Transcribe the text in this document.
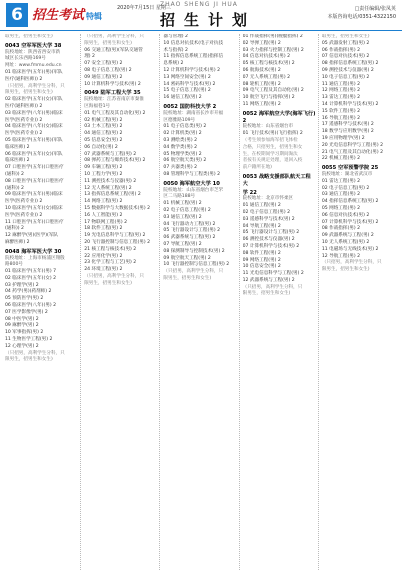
6 招生考试 特辑
2020年7月15日 星期三
ZHAO SHENG JI HUA
招生计划
□责任编辑/张凤英
本版咨询电话/0351-4322150
取男生，招男生和女生)
0043 空军军医大学 38
院校地址：陕西省西安市新
城区长乐西路169号
网址：www.fmmu.edu.cn
01 临床医学(五年)(男)(军队
医疗(通科医师)) 2
（只招男，高利学生分科，只
限男生，招男生和女生)
02 临床医学(五年)(女)(军队
医疗(通科医师)) 2
03 临床医学(八年)(男)(临床
医学(医药专业)) 2
04 临床医学(八年)(女)(临床
医学(医药专业)) 2
05 临床医学(五年)(男)(军队
临床医师) 2
06 临床医学(五年)(女)(军队
临床医师) 2
07 口腔医学(五年)(口腔医疗
(通科)) 2
08 口腔医学(五年)(口腔医疗
(通科)) 2
09 临床医学(五年)(男)(临床
医学(医药专业)) 2
10 临床医学(五年)(女)(临床
医学(医药专业)) 2
11 口腔医学(五年)(口腔医疗
(通科)) 2
12 麻醉学(男)(医学)(军队
麻醉医师) 2
0048 海军军医大学 30
院校地址：上海市杨浦区翔殷
路800号
01 临床医学(五年)(男) 7
02 临床医学(五年)(女) 2
03 护理学(男) 2
04 药学(男)(药剂师) 2
05 预防医学(男) 2
06 临床医学(八年)(男) 2
07 医学影像学(男) 2
08 中医学(男) 2
09 麻醉学(男) 2
10 军事指挥(男) 2
11 生物医学工程(男) 2
12 心理学(男) 2
（只招男，高利学生分科，只
限男生，招男生和女生)
（只招男，高利学生分科，只
限男生，招男生和女生)
06 交通工程(男)(军队交通管
理) 2
07 安全工程(男) 2
08 电子信息工程(男) 2
09 通信工程(男) 2
10 计算机科学与技术(男) 2
0049 陆军工程大学 35
院校地址：江苏省南京市秦淮
区海福巷1号
01 电气工程及其自动化(男) 2
02 机械工程(男) 2
03 土木工程(男) 2
04 通信工程(男) 2
05 信息安全(男) 2
06 自动化(男) 2
07 武器系统与工程(男) 2
08 弹药工程与爆炸技术(男) 2
09 车辆工程(男) 2
10 工程力学(男) 2
11 测控技术与仪器(男) 2
12 无人系统工程(男) 2
13 指挥信息系统工程(男) 2
14 网络工程(男) 2
15 数据科学与大数据技术(男) 2
16 人工智能(男) 2
17 物联网工程(男) 2
18 软件工程(男) 2
19 光电信息科学与工程(男) 2
20 飞行器控制与信息工程(男) 2
21 核工程与核技术(男) 2
22 应用化学(男) 2
23 化学工程与工艺(男) 2
24 环境工程(男) 2
（只招男，高利学生分科，只
限男生，招男生和女生)
器与管理) 2
10 信息对抗技术(电子对抗技
术与指挥) 2
11 指挥信息系统工程(指挥信
息系统) 2
12 计算机科学与技术(男) 2
13 网络空间安全(男) 2
14 密码科学与技术(男) 2
15 电子信息工程(男) 2
16 通信工程(男) 2
0052 国防科技大学 2
院校地址：湖南省长沙市开福
区德雅路109号
01 电子信息类(男) 2
02 计算机类(男) 2
03 测绘类(男) 2
04 数学类(男) 2
05 物理学类(男) 2
06 航空航天类(男) 2
07 兵器类(男) 2
08 管理科学与工程类(男) 2
0050 海军航空大学 10
院校地址：山东省烟台市芝罘
区二马路188号
01 机械工程(男) 2
02 电子信息工程(男) 2
03 通信工程(男) 2
04 飞行器动力工程(男) 2
05 飞行器设计与工程(男) 2
06 武器系统与工程(男) 2
07 导航工程(男) 2
08 探测制导与控制技术(男) 2
09 航空航天工程(男) 2
10 飞行器控制与信息工程(男) 2
（只招男，高利学生分科，只
限男生，招男生和女生)
01 作战指挥(男)(舰艇指挥) 2
02 导弹工程(男) 2
03 火力指挥与控制工程(男) 2
04 信息对抗技术(男) 2
05 核工程与核技术(男) 2
06 航海技术(男) 2
07 无人系统工程(男) 2
08 轮机工程(男) 2
09 电气工程及其自动化(男) 2
10 航空飞行与指挥(男) 2
11 网络工程(男) 2
0052 海军航空大学(海军飞行) 2
院校地址：山东省烟台市
01 飞行技术(男)(飞行指挥) 2
（考生须参加海军招飞体检
合格，只招男生，招男生和女
生，在校期间学习期间淘汰
者按有关规定处理，退回入校
前户籍所在地)
0053 战略支援部队航天工程大
学 22
院校地址：北京市怀柔区
01 通信工程(男) 2
02 电子信息工程(男) 2
03 遥感科学与技术(男) 2
04 导航工程(男) 2
05 飞行器设计与工程(男) 2
06 测控技术与仪器(男) 2
07 计算机科学与技术(男) 2
08 软件工程(男) 2
09 网络工程(男) 2
10 信息安全(男) 2
11 光电信息科学与工程(男) 2
12 武器系统与工程(男) 2
（只招男，高利学生分科，只
限男生，招男生和女生)
取男生，招男生和女生)
05 武器发射工程(男) 2
06 作战指挥(男) 2
07 信息对抗技术(男) 2
08 指挥信息系统工程(男) 2
09 测控技术与仪器(男) 2
10 电子信息工程(男) 2
11 通信工程(男) 2
12 网络工程(男) 2
13 雷达工程(男) 2
14 计算机科学与技术(男) 2
15 软件工程(男) 2
16 导航工程(男) 2
17 遥感科学与技术(男) 2
18 数学与应用数学(男) 2
19 应用物理学(男) 2
20 光电信息科学与工程(男) 2
21 电气工程及其自动化(男) 2
22 机械工程(男) 2
0055 空军预警学院 25
院校地址：湖北省武汉市
01 雷达工程(男) 2
02 电子信息工程(男) 2
03 通信工程(男) 2
04 指挥信息系统工程(男) 2
05 网络工程(男) 2
06 信息对抗技术(男) 2
07 计算机科学与技术(男) 2
08 作战指挥(男) 2
09 武器系统与工程(男) 2
10 无人系统工程(男) 2
11 电磁场与无线技术(男) 2
12 导航工程(男) 2
（只招男，高利学生分科，只
限男生，招男生和女生)
